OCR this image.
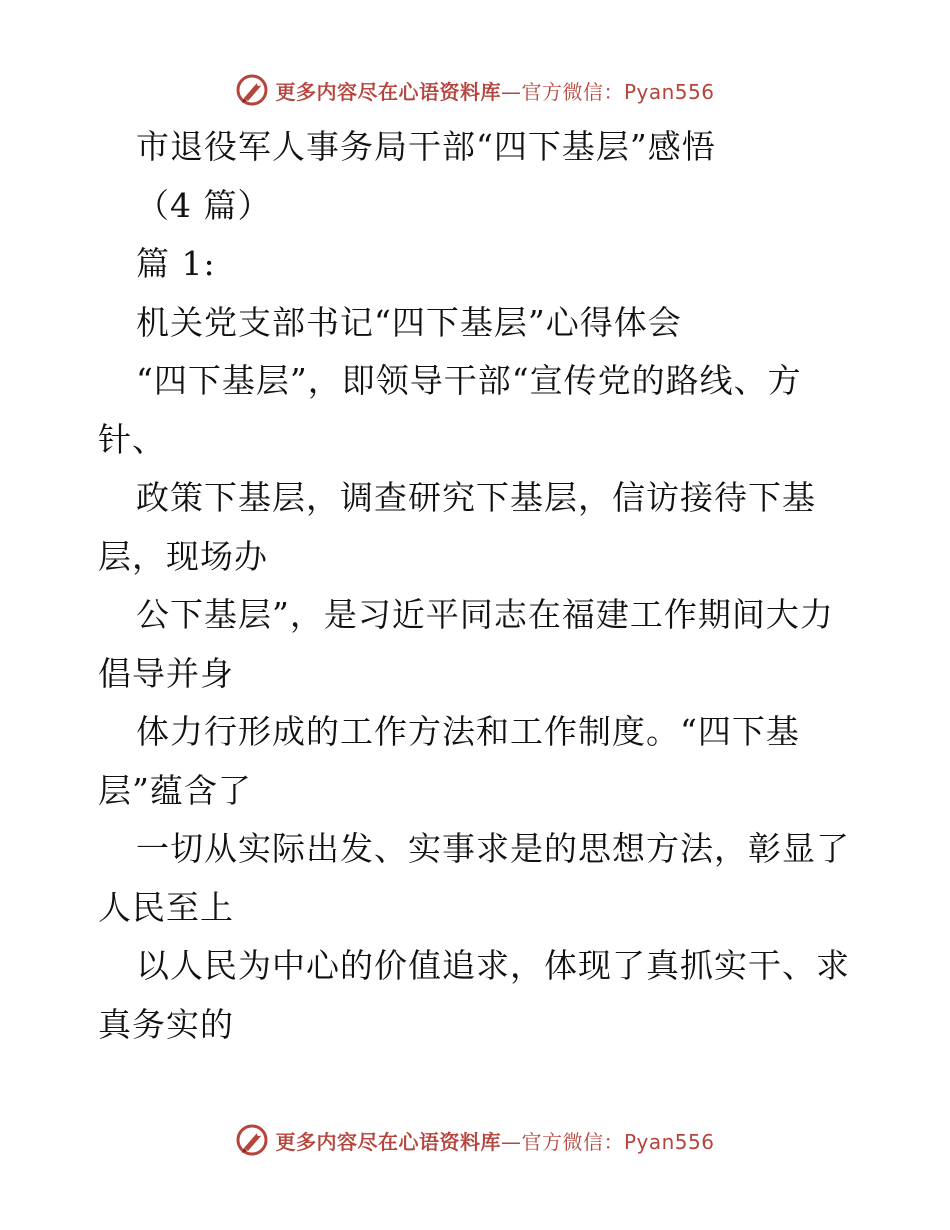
更多内容尽在心语资料库—官方微信：Pyan556
市退役军人事务局干部“四下基层”感悟
（4 篇）
篇 1:
机关党支部书记“四下基层”心得体会
“四下基层”，即领导干部“宣传党的路线、方
针、
政策下基层，调查研究下基层，信访接待下基
层，现场办
公下基层”，是习近平同志在福建工作期间大力
倡导并身
体力行形成的工作方法和工作制度。“四下基
层”蕴含了
一切从实际出发、实事求是的思想方法，彰显了
人民至上
以人民为中心的价值追求，体现了真抓实干、求
真务实的
更多内容尽在心语资料库—官方微信：Pyan556
